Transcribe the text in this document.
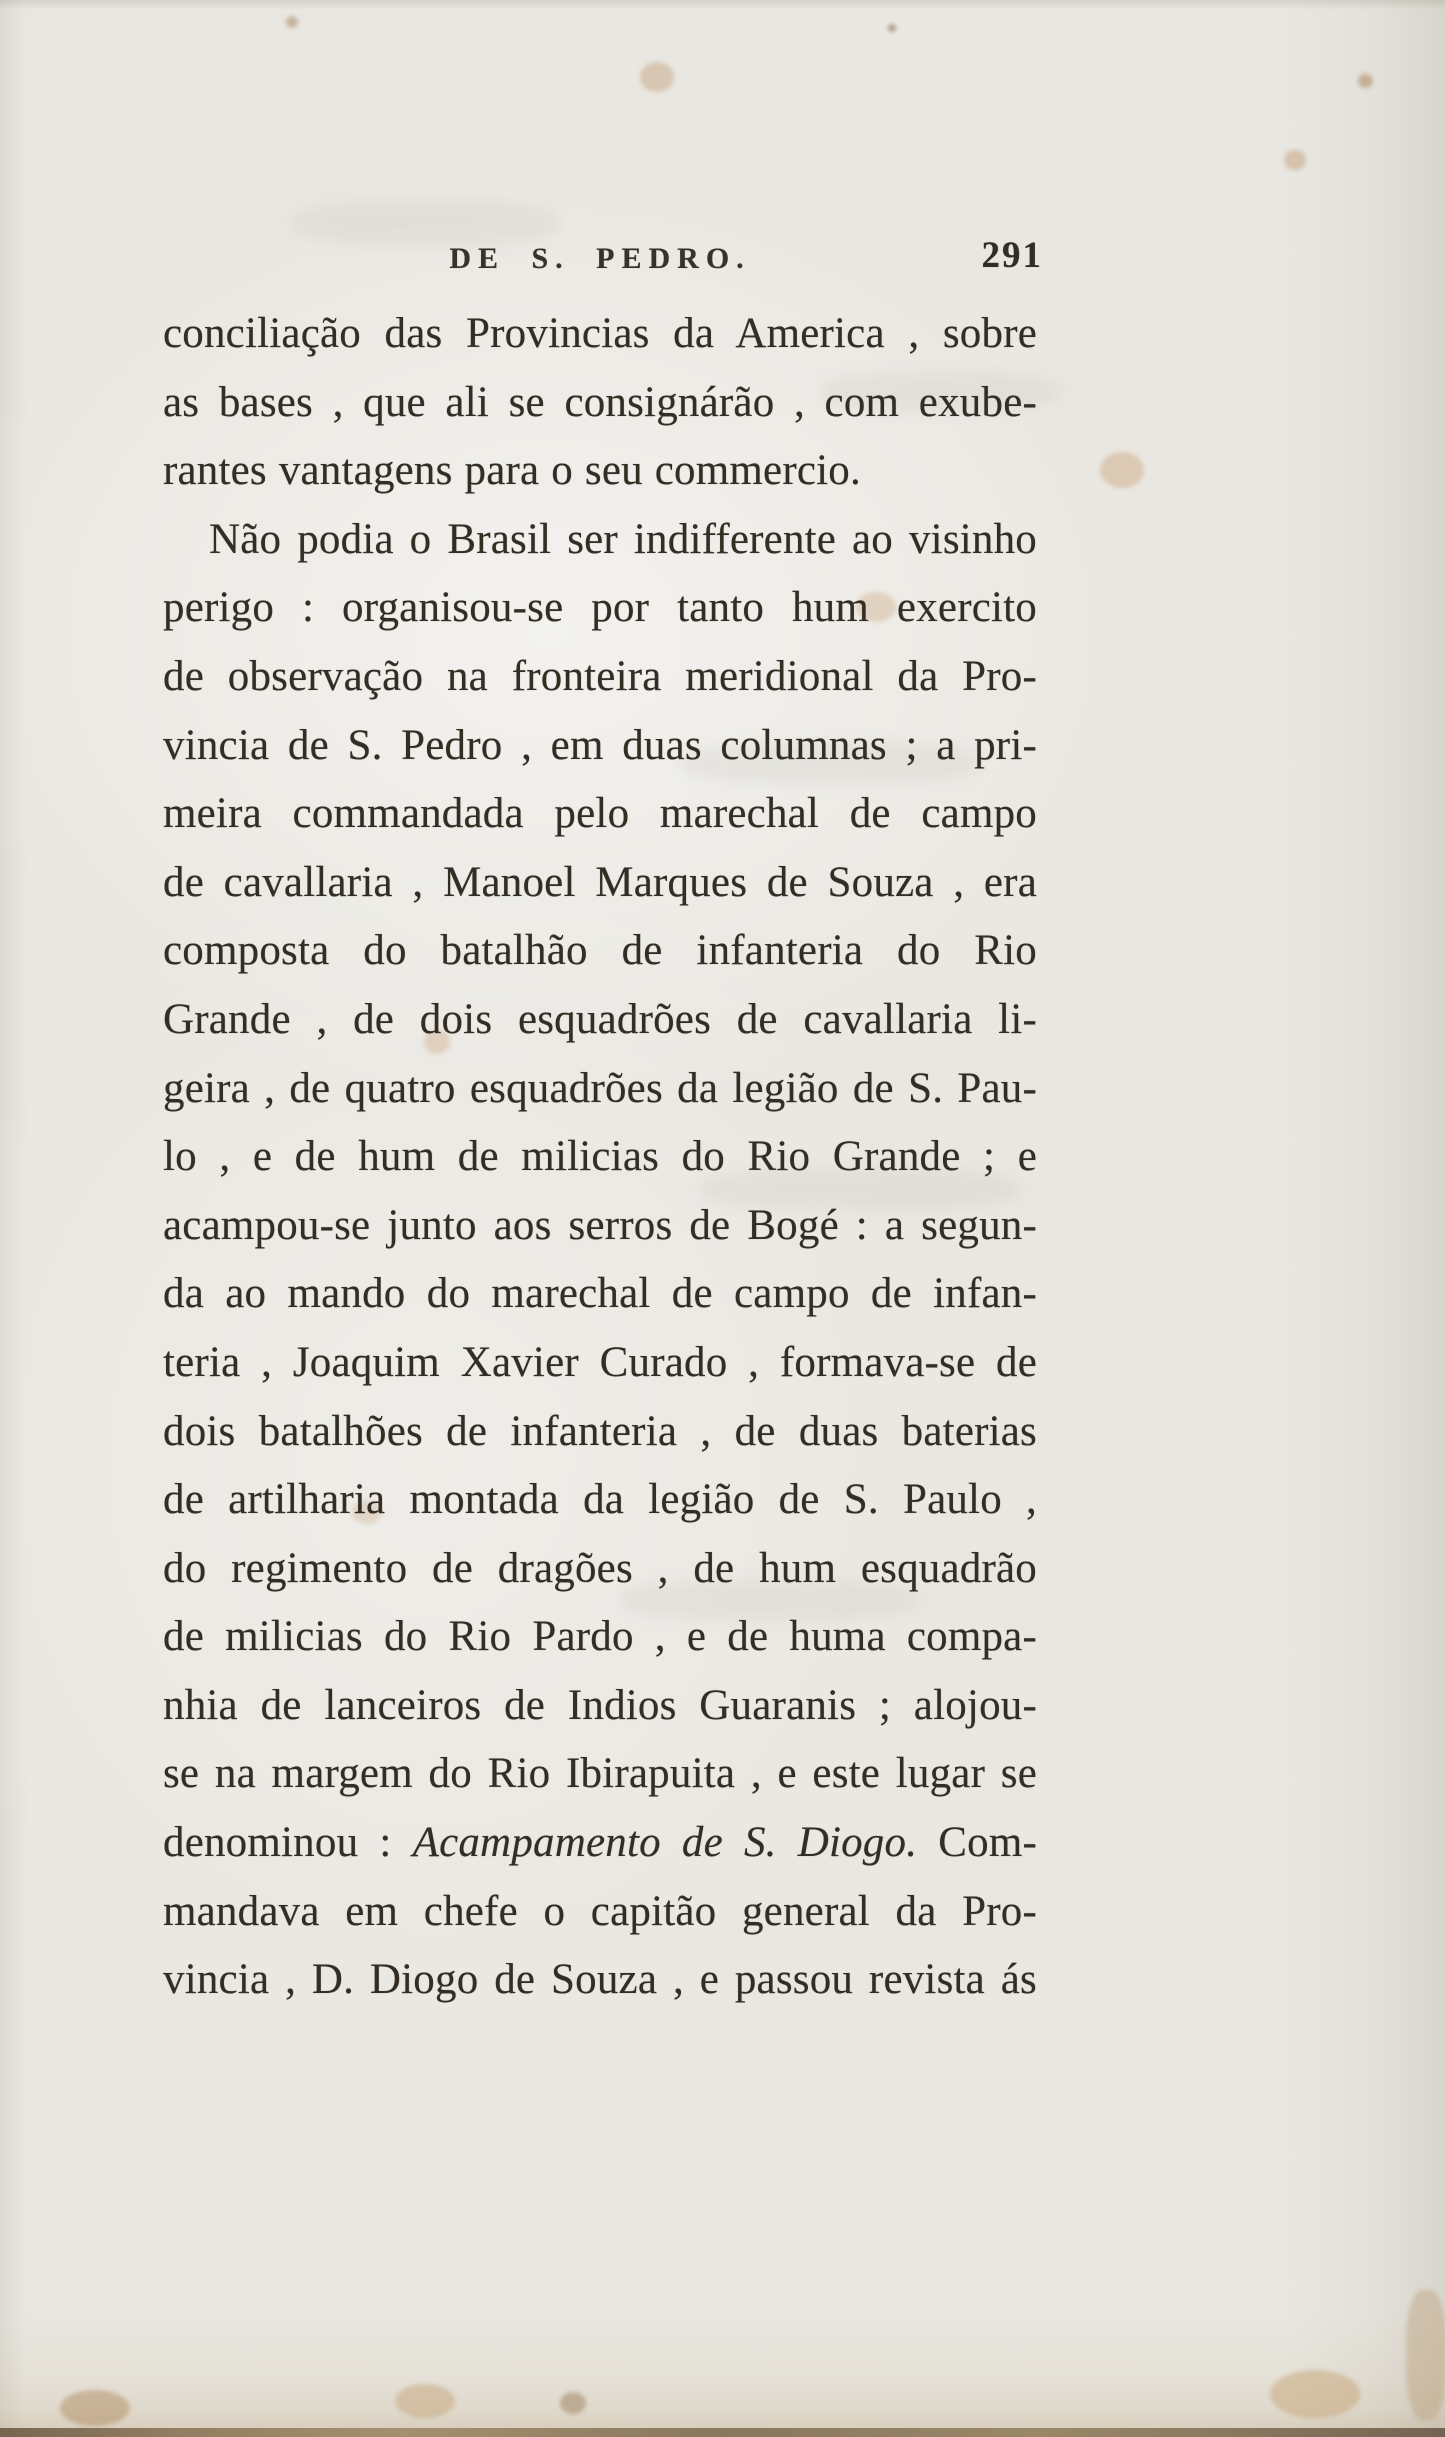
DE S. PEDRO.	291
conciliação das Provincias da America , sobre
as bases , que ali se consignárão , com exube-
rantes vantagens para o seu commercio.
Não podia o Brasil ser indifferente ao visinho
perigo : organisou-se por tanto hum exercito
de observação na fronteira meridional da Pro-
vincia de S. Pedro , em duas columnas ; a pri-
meira commandada pelo marechal de campo
de cavallaria , Manoel Marques de Souza , era
composta do batalhão de infanteria do Rio
Grande , de dois esquadrões de cavallaria li-
geira , de quatro esquadrões da legião de S. Pau-
lo , e de hum de milicias do Rio Grande ; e
acampou-se junto aos serros de Bogé : a segun-
da ao mando do marechal de campo de infan-
teria , Joaquim Xavier Curado , formava-se de
dois batalhões de infanteria , de duas baterias
de artilharia montada da legião de S. Paulo ,
do regimento de dragões , de hum esquadrão
de milicias do Rio Pardo , e de huma compa-
nhia de lanceiros de Indios Guaranis ; alojou-
se na margem do Rio Ibirapuita , e este lugar se
denominou : Acampamento de S. Diogo. Com-
mandava em chefe o capitão general da Pro-
vincia , D. Diogo de Souza , e passou revista ás
